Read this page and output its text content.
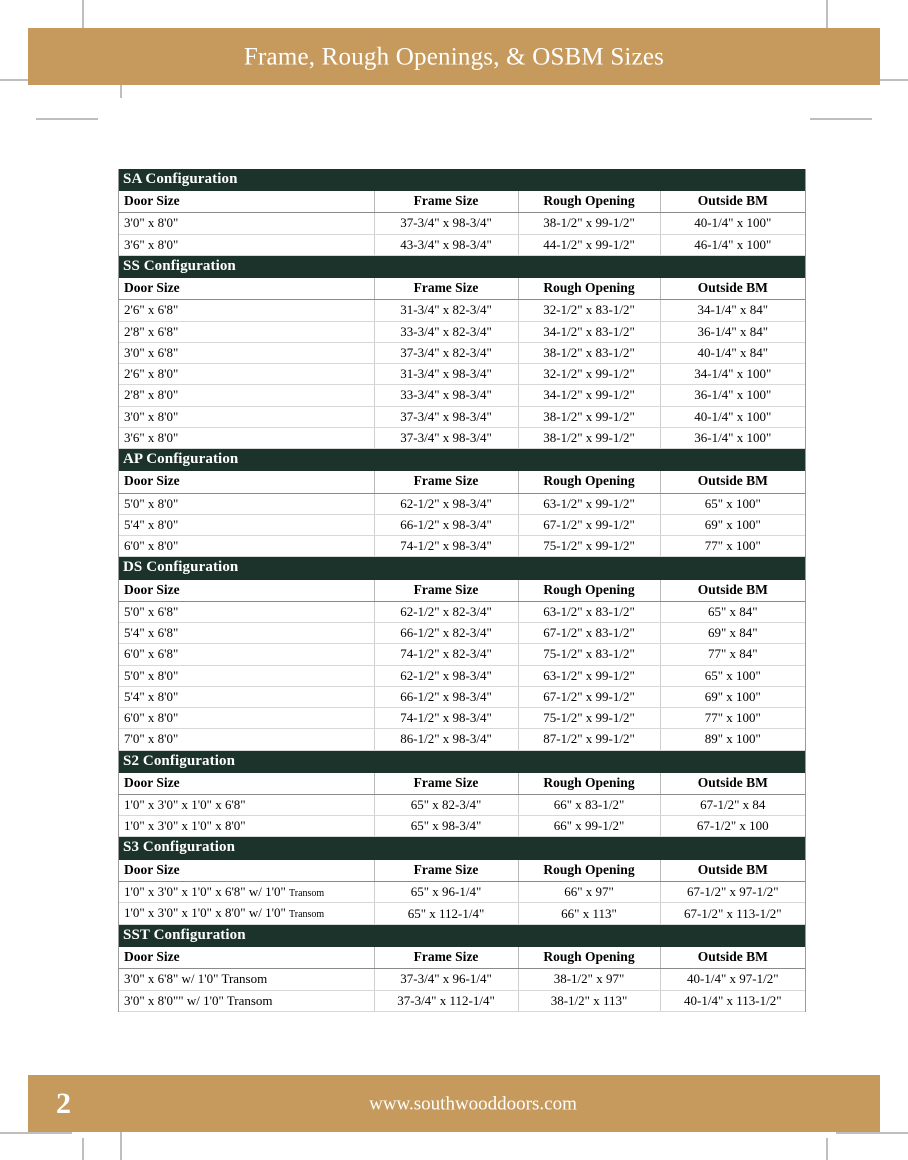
Frame, Rough Openings, & OSBM Sizes
SA Configuration			
Door Size	Frame Size	Rough Opening	Outside BM
3'0" x 8'0"	37-3/4" x 98-3/4"	38-1/2" x 99-1/2"	40-1/4" x 100"
3'6" x 8'0"	43-3/4" x 98-3/4"	44-1/2" x 99-1/2"	46-1/4" x 100"
SS Configuration			
Door Size	Frame Size	Rough Opening	Outside BM
2'6" x 6'8"	31-3/4" x 82-3/4"	32-1/2" x 83-1/2"	34-1/4" x 84"
2'8" x 6'8"	33-3/4" x 82-3/4"	34-1/2" x 83-1/2"	36-1/4" x 84"
3'0" x 6'8"	37-3/4" x 82-3/4"	38-1/2" x 83-1/2"	40-1/4" x 84"
2'6" x 8'0"	31-3/4" x 98-3/4"	32-1/2" x 99-1/2"	34-1/4" x 100"
2'8" x 8'0"	33-3/4" x 98-3/4"	34-1/2" x 99-1/2"	36-1/4" x 100"
3'0" x 8'0"	37-3/4" x 98-3/4"	38-1/2" x 99-1/2"	40-1/4" x 100"
3'6" x 8'0"	37-3/4" x 98-3/4"	38-1/2" x 99-1/2"	36-1/4" x 100"
AP Configuration			
Door Size	Frame Size	Rough Opening	Outside BM
5'0" x 8'0"	62-1/2" x 98-3/4"	63-1/2" x 99-1/2"	65" x 100"
5'4" x 8'0"	66-1/2" x 98-3/4"	67-1/2" x 99-1/2"	69" x 100"
6'0" x 8'0"	74-1/2" x 98-3/4"	75-1/2" x 99-1/2"	77" x 100"
DS Configuration			
Door Size	Frame Size	Rough Opening	Outside BM
5'0" x 6'8"	62-1/2" x 82-3/4"	63-1/2" x 83-1/2"	65" x 84"
5'4" x 6'8"	66-1/2" x 82-3/4"	67-1/2" x 83-1/2"	69" x 84"
6'0" x 6'8"	74-1/2" x 82-3/4"	75-1/2" x 83-1/2"	77" x 84"
5'0" x 8'0"	62-1/2" x 98-3/4"	63-1/2" x 99-1/2"	65" x 100"
5'4" x 8'0"	66-1/2" x 98-3/4"	67-1/2" x 99-1/2"	69" x 100"
6'0" x 8'0"	74-1/2" x 98-3/4"	75-1/2" x 99-1/2"	77" x 100"
7'0" x 8'0"	86-1/2" x 98-3/4"	87-1/2" x 99-1/2"	89" x 100"
S2 Configuration			
Door Size	Frame Size	Rough Opening	Outside BM
1'0" x 3'0" x 1'0" x 6'8"	65" x 82-3/4"	66" x 83-1/2"	67-1/2" x 84
1'0" x 3'0" x 1'0" x 8'0"	65" x 98-3/4"	66" x 99-1/2"	67-1/2" x 100
S3 Configuration			
Door Size	Frame Size	Rough Opening	Outside BM
1'0" x 3'0" x 1'0" x 6'8" w/ 1'0" Transom	65" x 96-1/4"	66" x 97"	67-1/2" x 97-1/2"
1'0" x 3'0" x 1'0" x 8'0" w/ 1'0" Transom	65" x 112-1/4"	66" x 113"	67-1/2" x 113-1/2"
SST Configuration			
Door Size	Frame Size	Rough Opening	Outside BM
3'0" x 6'8" w/ 1'0" Transom	37-3/4" x 96-1/4"	38-1/2" x 97"	40-1/4" x 97-1/2"
3'0" x 8'0"" w/ 1'0" Transom	37-3/4" x 112-1/4"	38-1/2" x 113"	40-1/4" x 113-1/2"
2	www.southwooddoors.com
